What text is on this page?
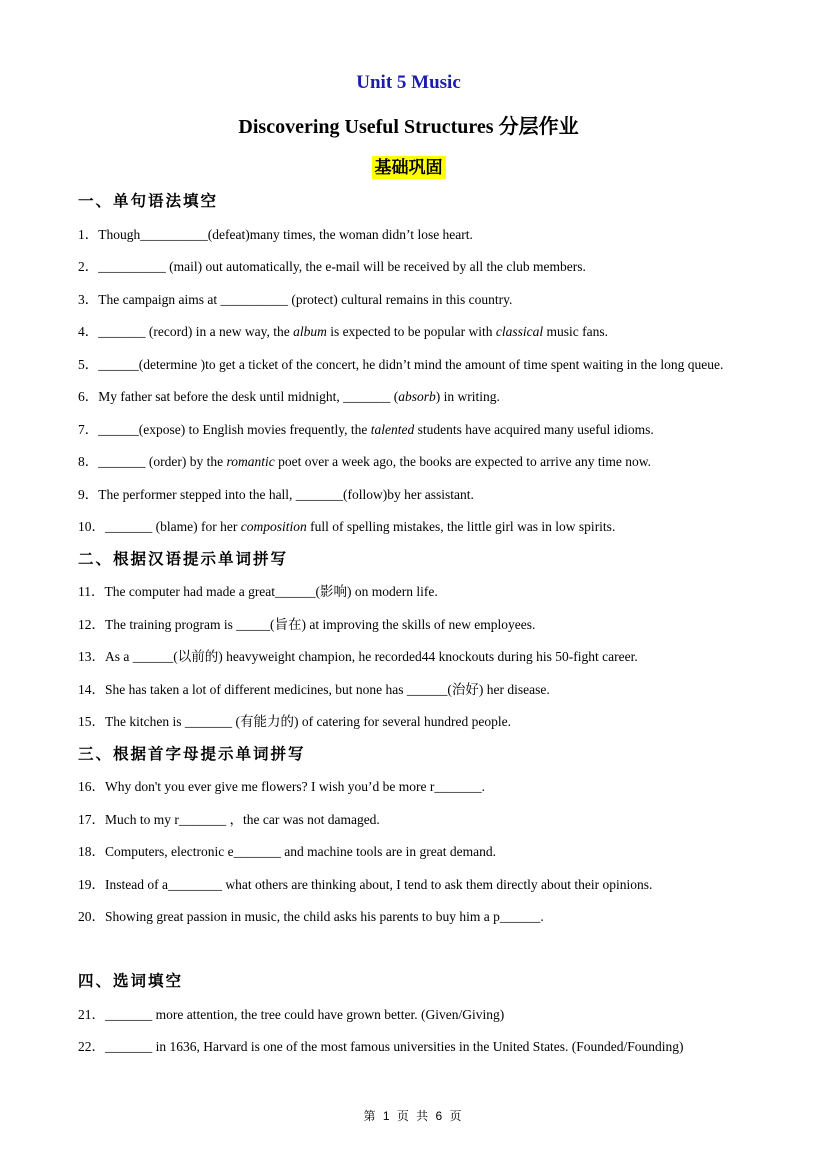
Unit 5 Music
Discovering Useful Structures 分层作业
基础巩固
一、单句语法填空

1．Though__________(defeat)many times, the woman didn’t lose heart.

2．__________ (mail) out automatically, the e-mail will be received by all the club members.

3．The campaign aims at __________ (protect) cultural remains in this country.

4．_______ (record) in a new way, the album is expected to be popular with classical music fans.

5．______(determine )to get a ticket of the concert, he didn’t mind the amount of time spent waiting in the long queue.

6．My father sat before the desk until midnight, _______ (absorb) in writing.

7．______(expose) to English movies frequently, the talented students have acquired many useful idioms.

8．_______ (order) by the romantic poet over a week ago, the books are expected to arrive any time now.

9．The performer stepped into the hall, _______(follow)by her assistant.

10．_______ (blame) for her composition full of spelling mistakes, the little girl was in low spirits.

二、根据汉语提示单词拼写

11．The computer had made a great______(影响) on modern life.

12．The training program is _____(旨在) at improving the skills of new employees.

13．As a ______(以前的) heavyweight champion, he recorded44 knockouts during his 50-fight career.

14．She has taken a lot of different medicines, but none has ______(治好) her disease.

15．The kitchen is _______ (有能力的) of catering for several hundred people.

三、根据首字母提示单词拼写

16．Why don't you ever give me flowers? I wish you’d be more r_______.

17．Much to my r_______ ，the car was not damaged.

18．Computers, electronic e_______ and machine tools are in great demand.

19．Instead of a________ what others are thinking about, I tend to ask them directly about their opinions.

20．Showing great passion in music, the child asks his parents to buy him a p______.

四、选词填空

21．_______ more attention, the tree could have grown better. (Given/Giving)

22．_______ in 1636, Harvard is one of the most famous universities in the United States. (Founded/Founding)

第 1 页 共 6 页
